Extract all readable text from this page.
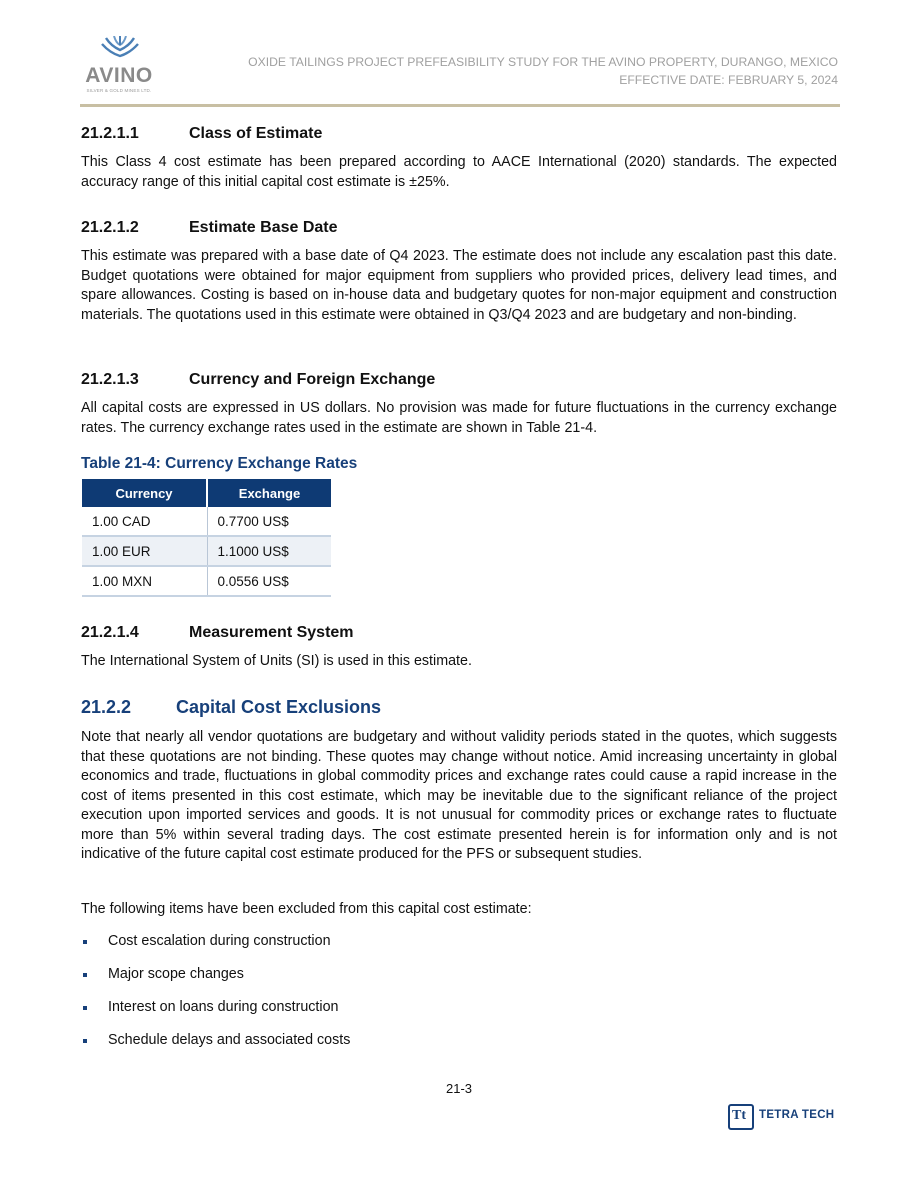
AVINO
SILVER & GOLD MINES LTD.
OXIDE TAILINGS PROJECT PREFEASIBILITY STUDY FOR THE AVINO PROPERTY, DURANGO, MEXICO
EFFECTIVE DATE: FEBRUARY 5, 2024
21.2.1.1	Class of Estimate
This Class 4 cost estimate has been prepared according to AACE International (2020) standards. The expected accuracy range of this initial capital cost estimate is ±25%.
21.2.1.2	Estimate Base Date
This estimate was prepared with a base date of Q4 2023. The estimate does not include any escalation past this date. Budget quotations were obtained for major equipment from suppliers who provided prices, delivery lead times, and spare allowances. Costing is based on in-house data and budgetary quotes for non-major equipment and construction materials. The quotations used in this estimate were obtained in Q3/Q4 2023 and are budgetary and non-binding.
21.2.1.3	Currency and Foreign Exchange
All capital costs are expressed in US dollars. No provision was made for future fluctuations in the currency exchange rates. The currency exchange rates used in the estimate are shown in Table 21-4.
Table 21-4: Currency Exchange Rates
Currency	Exchange
1.00 CAD	0.7700 US$
1.00 EUR	1.1000 US$
1.00 MXN	0.0556 US$
21.2.1.4	Measurement System
The International System of Units (SI) is used in this estimate.
21.2.2 Capital Cost Exclusions
Note that nearly all vendor quotations are budgetary and without validity periods stated in the quotes, which suggests that these quotations are not binding. These quotes may change without notice. Amid increasing uncertainty in global economics and trade, fluctuations in global commodity prices and exchange rates could cause a rapid increase in the cost of items presented in this cost estimate, which may be inevitable due to the significant reliance of the project execution upon imported services and goods. It is not unusual for commodity prices or exchange rates to fluctuate more than 5% within several trading days. The cost estimate presented herein is for information only and is not indicative of the future capital cost estimate produced for the PFS or subsequent studies.
The following items have been excluded from this capital cost estimate:
Cost escalation during construction
Major scope changes
Interest on loans during construction
Schedule delays and associated costs
21-3
Tt TETRA TECH
